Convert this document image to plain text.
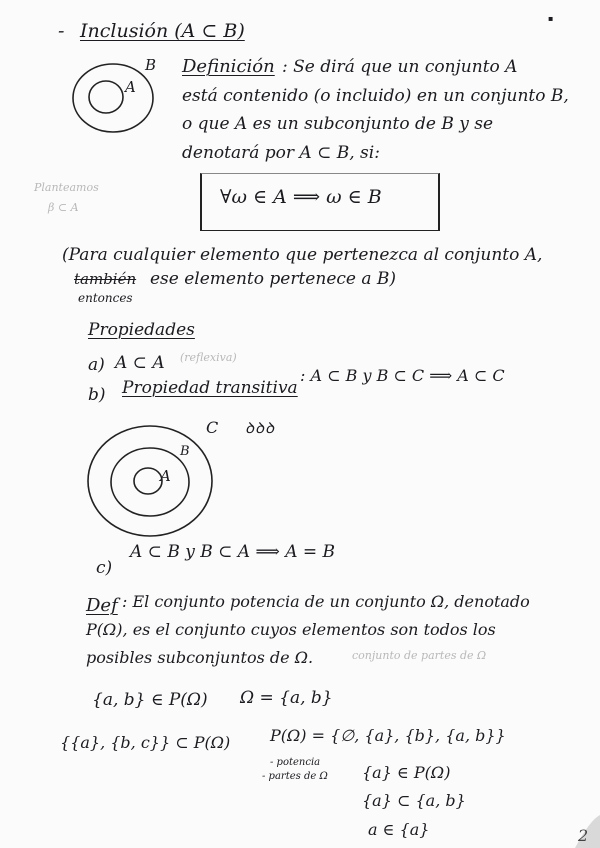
- Inclusión (A ⊂ B)
▪
A
B Definición : Se dirá que un conjunto A
está contenido (o incluido) en un conjunto B,
o que A es un subconjunto de B y se
denotará por A ⊂ B, si:
∀ω ∈ A ⟹ ω ∈ B
Planteamos
β ⊂ A
(Para cualquier elemento que pertenezca al conjunto A,
también ese elemento pertenece a B)
entonces
Propiedades
a) A ⊂ A (reflexiva)
b) Propiedad transitiva
: A ⊂ B y B ⊂ C ⟹ A ⊂ C
A
B
C ꝺꝺꝺ
c)
A ⊂ B y B ⊂ A ⟹ A = B
Def : El conjunto potencia de un conjunto Ω, denotado
P(Ω), es el conjunto cuyos elementos son todos los
posibles subconjuntos de Ω.	conjunto de partes de Ω
{a, b} ∈ P(Ω) Ω = {a, b}
{{a}, {b, c}} ⊂ P(Ω) P(Ω) = {∅, {a}, {b}, {a, b}}
- potencia
- partes de Ω {a} ∈ P(Ω)
{a} ⊂ {a, b}
a ∈ {a}	2
